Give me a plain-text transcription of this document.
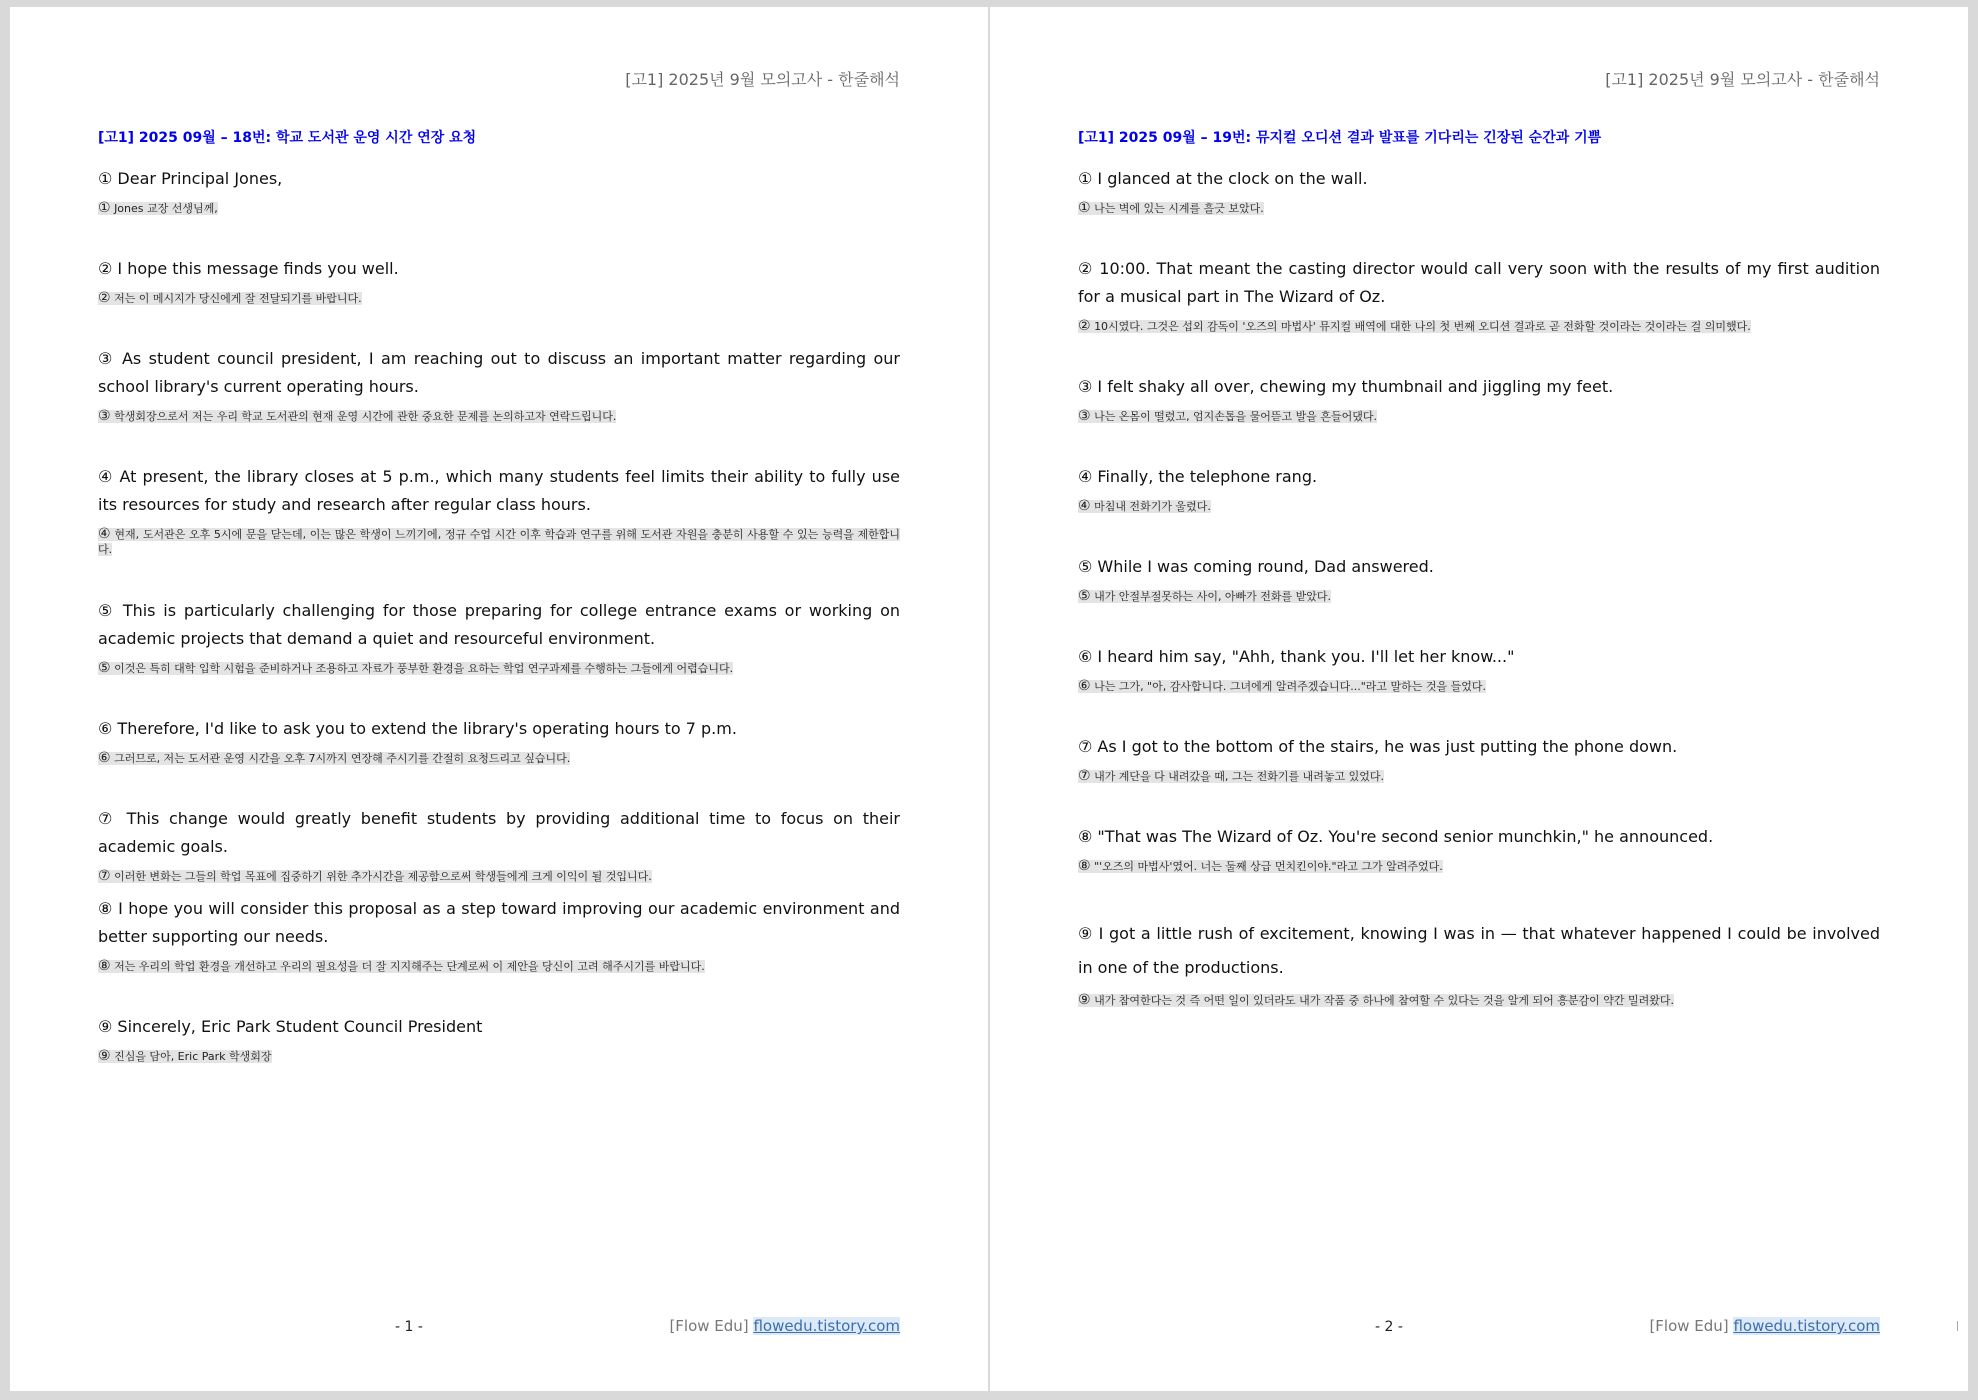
[고1] 2025년 9월 모의고사 - 한줄해석
[고1] 2025 09월 – 18번: 학교 도서관 운영 시간 연장 요청

① Dear Principal Jones,

① Jones 교장 선생님께,

② I hope this message finds you well.

② 저는 이 메시지가 당신에게 잘 전달되기를 바랍니다.

③ As student council president, I am reaching out to discuss an important matter regarding our school library's current operating hours.

③ 학생회장으로서 저는 우리 학교 도서관의 현재 운영 시간에 관한 중요한 문제를 논의하고자 연락드립니다.

④ At present, the library closes at 5 p.m., which many students feel limits their ability to fully use its resources for study and research after regular class hours.

④ 현재, 도서관은 오후 5시에 문을 닫는데, 이는 많은 학생이 느끼기에, 정규 수업 시간 이후 학습과 연구를 위해 도서관 자원을 충분히 사용할 수 있는 능력을 제한합니다.

⑤ This is particularly challenging for those preparing for college entrance exams or working on academic projects that demand a quiet and resourceful environment.

⑤ 이것은 특히 대학 입학 시험을 준비하거나 조용하고 자료가 풍부한 환경을 요하는 학업 연구과제를 수행하는 그들에게 어렵습니다.

⑥ Therefore, I'd like to ask you to extend the library's operating hours to 7 p.m.

⑥ 그러므로, 저는 도서관 운영 시간을 오후 7시까지 연장해 주시기를 간절히 요청드리고 싶습니다.

⑦ This change would greatly benefit students by providing additional time to focus on their academic goals.

⑦ 이러한 변화는 그들의 학업 목표에 집중하기 위한 추가시간을 제공함으로써 학생들에게 크게 이익이 될 것입니다.

⑧ I hope you will consider this proposal as a step toward improving our academic environment and better supporting our needs.

⑧ 저는 우리의 학업 환경을 개선하고 우리의 필요성을 더 잘 지지해주는 단계로써 이 제안을 당신이 고려 해주시기를 바랍니다.

⑨ Sincerely, Eric Park Student Council President

⑨ 진심을 담아, Eric Park 학생회장
- 1 -	[Flow Edu] flowedu.tistory.com
[고1] 2025년 9월 모의고사 - 한줄해석
[고1] 2025 09월 – 19번: 뮤지컬 오디션 결과 발표를 기다리는 긴장된 순간과 기쁨

① I glanced at the clock on the wall.

① 나는 벽에 있는 시계를 흘긋 보았다.

② 10:00. That meant the casting director would call very soon with the results of my first audition for a musical part in The Wizard of Oz.

② 10시였다. 그것은 섭외 감독이 '오즈의 마법사' 뮤지컬 배역에 대한 나의 첫 번째 오디션 결과로 곧 전화할 것이라는 것이라는 걸 의미했다.

③ I felt shaky all over, chewing my thumbnail and jiggling my feet.

③ 나는 온몸이 떨렸고, 엄지손톱을 물어뜯고 발을 흔들어댔다.

④ Finally, the telephone rang.

④ 마침내 전화기가 울렸다.

⑤ While I was coming round, Dad answered.

⑤ 내가 안절부절못하는 사이, 아빠가 전화를 받았다.

⑥ I heard him say, "Ahh, thank you. I'll let her know..."

⑥ 나는 그가, "아, 감사합니다. 그녀에게 알려주겠습니다..."라고 말하는 것을 들었다.

⑦ As I got to the bottom of the stairs, he was just putting the phone down.

⑦ 내가 계단을 다 내려갔을 때, 그는 전화기를 내려놓고 있었다.

⑧ "That was The Wizard of Oz. You're second senior munchkin," he announced.

⑧ "'오즈의 마법사'였어. 너는 둘째 상급 먼치킨이야."라고 그가 알려주었다.

⑨ I got a little rush of excitement, knowing I was in — that whatever happened I could be involved in one of the productions.

⑨ 내가 참여한다는 것 즉 어떤 일이 있더라도 내가 작품 중 하나에 참여할 수 있다는 것을 알게 되어 흥분감이 약간 밀려왔다.
- 2 -	[Flow Edu] flowedu.tistory.com
